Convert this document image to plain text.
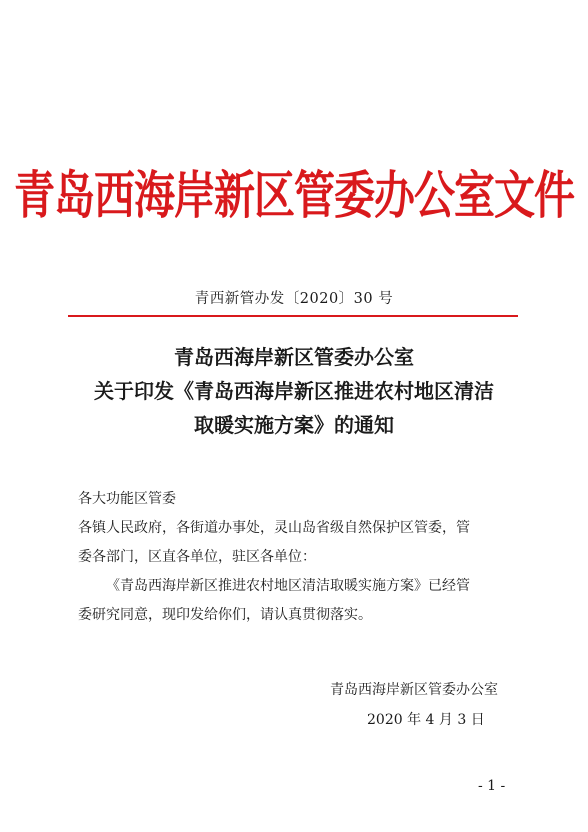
青岛西海岸新区管委办公室文件
青西新管办发〔2020〕30 号
青岛西海岸新区管委办公室
关于印发《青岛西海岸新区推进农村地区清洁
取暖实施方案》的通知

各大功能区管委

各镇人民政府，各街道办事处，灵山岛省级自然保护区管委，管

委各部门，区直各单位，驻区各单位：

《青岛西海岸新区推进农村地区清洁取暖实施方案》已经管

委研究同意，现印发给你们，请认真贯彻落实。

青岛西海岸新区管委办公室
2020 年 4 月 3 日
- 1 -
